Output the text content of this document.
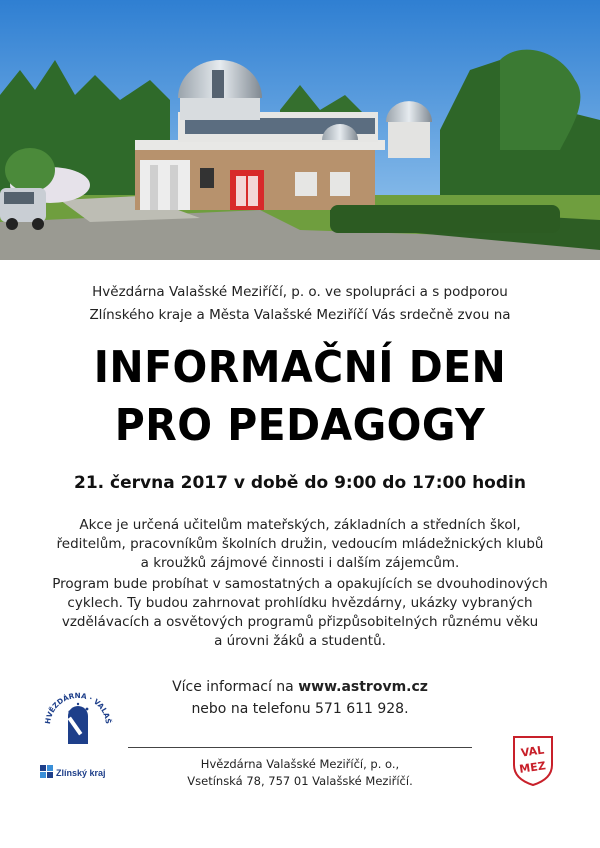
Hvězdárna Valašské Meziříčí, p. o. ve spolupráci a s podporou
Zlínského kraje a Města Valašské Meziříčí Vás srdečně zvou na
INFORMAČNÍ DEN
PRO PEDAGOGY
21. června 2017 v době do 9:00 do 17:00 hodin
Akce je určená učitelům mateřských, základních a středních škol,
ředitelům, pracovníkům školních družin, vedoucím mládežnických klubů
a kroužků zájmové činnosti i dalším zájemcům.
Program bude probíhat v samostatných a opakujících se dvouhodinových
cyklech. Ty budou zahrnovat prohlídku hvězdárny, ukázky vybraných
vzdělávacích a osvětových programů přizpůsobitelných různému věku
a úrovni žáků a studentů.
Více informací na www.astrovm.cz
nebo na telefonu 571 611 928.
HVĚZDÁRNA · VALAŠ
Zlínský kraj
Hvězdárna Valašské Meziříčí, p. o.,
Vsetínská 78, 757 01 Valašské Meziříčí.
VAL
MEZ
